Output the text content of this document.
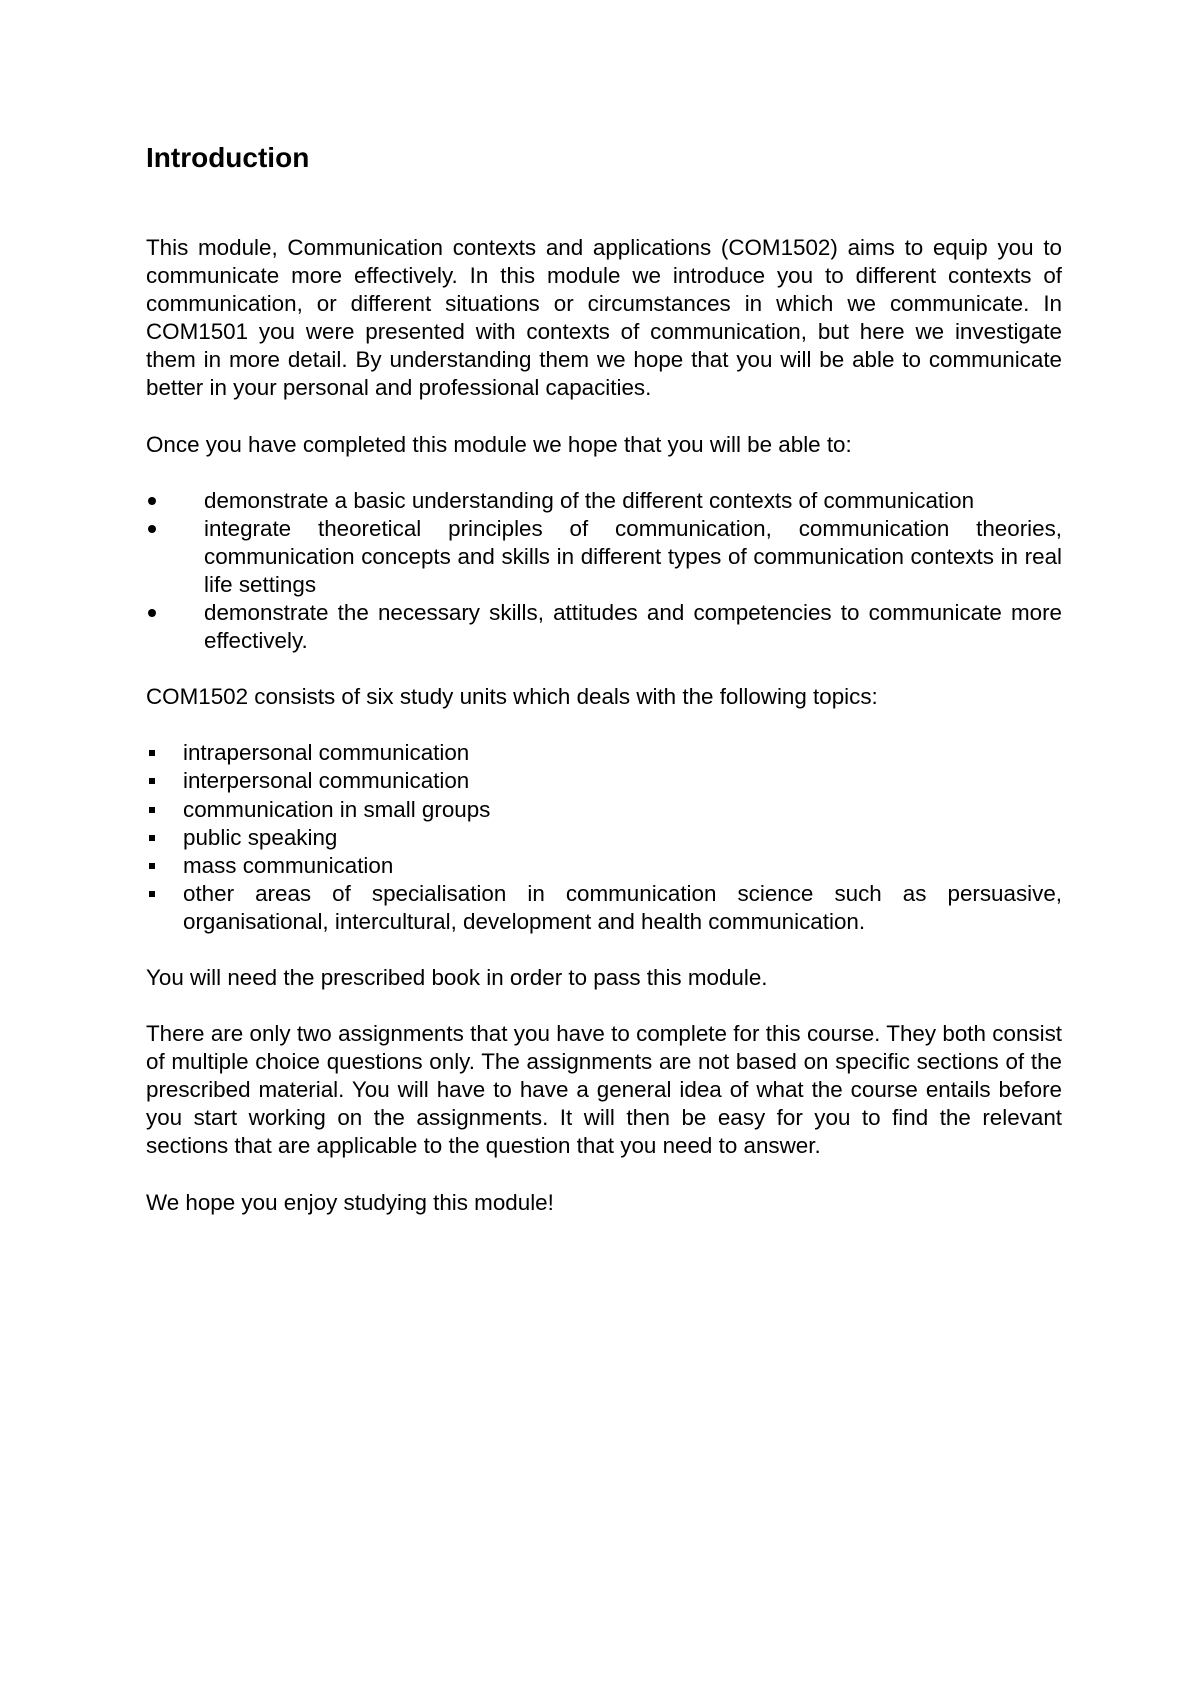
Introduction

This module, Communication contexts and applications (COM1502) aims to equip you to communicate more effectively. In this module we introduce you to different contexts of communication, or different situations or circumstances in which we communicate. In COM1501 you were presented with contexts of communication, but here we investigate them in more detail. By understanding them we hope that you will be able to communicate better in your personal and professional capacities.

Once you have completed this module we hope that you will be able to:

demonstrate a basic understanding of the different contexts of communication
integrate theoretical principles of communication, communication theories, communication concepts and skills in different types of communication contexts in real life settings
demonstrate the necessary skills, attitudes and competencies to communicate more effectively.

COM1502 consists of six study units which deals with the following topics:

intrapersonal communication
interpersonal communication
communication in small groups
public speaking
mass communication
other areas of specialisation in communication science such as persuasive, organisational, intercultural, development and health communication.

You will need the prescribed book in order to pass this module.

There are only two assignments that you have to complete for this course. They both consist of multiple choice questions only. The assignments are not based on specific sections of the prescribed material. You will have to have a general idea of what the course entails before you start working on the assignments. It will then be easy for you to find the relevant sections that are applicable to the question that you need to answer.

We hope you enjoy studying this module!
